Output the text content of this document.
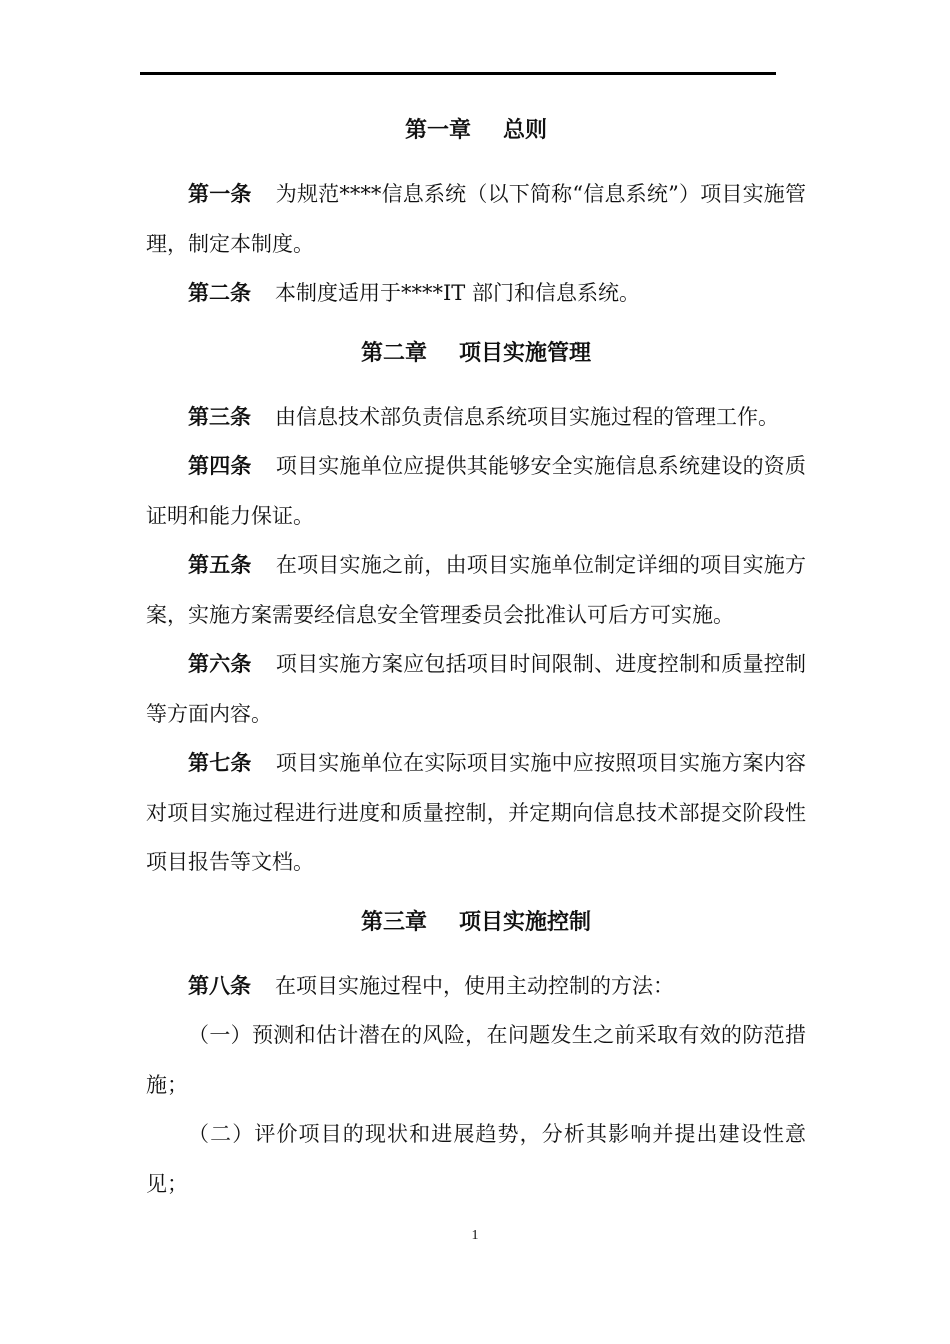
第一章 总则

第一条 为规范****信息系统（以下简称“信息系统”）项目实施管理，制定本制度。

第二条 本制度适用于****IT 部门和信息系统。

第二章 项目实施管理

第三条 由信息技术部负责信息系统项目实施过程的管理工作。

第四条 项目实施单位应提供其能够安全实施信息系统建设的资质证明和能力保证。

第五条 在项目实施之前，由项目实施单位制定详细的项目实施方案，实施方案需要经信息安全管理委员会批准认可后方可实施。

第六条 项目实施方案应包括项目时间限制、进度控制和质量控制等方面内容。

第七条 项目实施单位在实际项目实施中应按照项目实施方案内容对项目实施过程进行进度和质量控制，并定期向信息技术部提交阶段性项目报告等文档。

第三章 项目实施控制

第八条 在项目实施过程中，使用主动控制的方法：

（一）预测和估计潜在的风险，在问题发生之前采取有效的防范措施；

（二）评价项目的现状和进展趋势，分析其影响并提出建设性意见；

1
